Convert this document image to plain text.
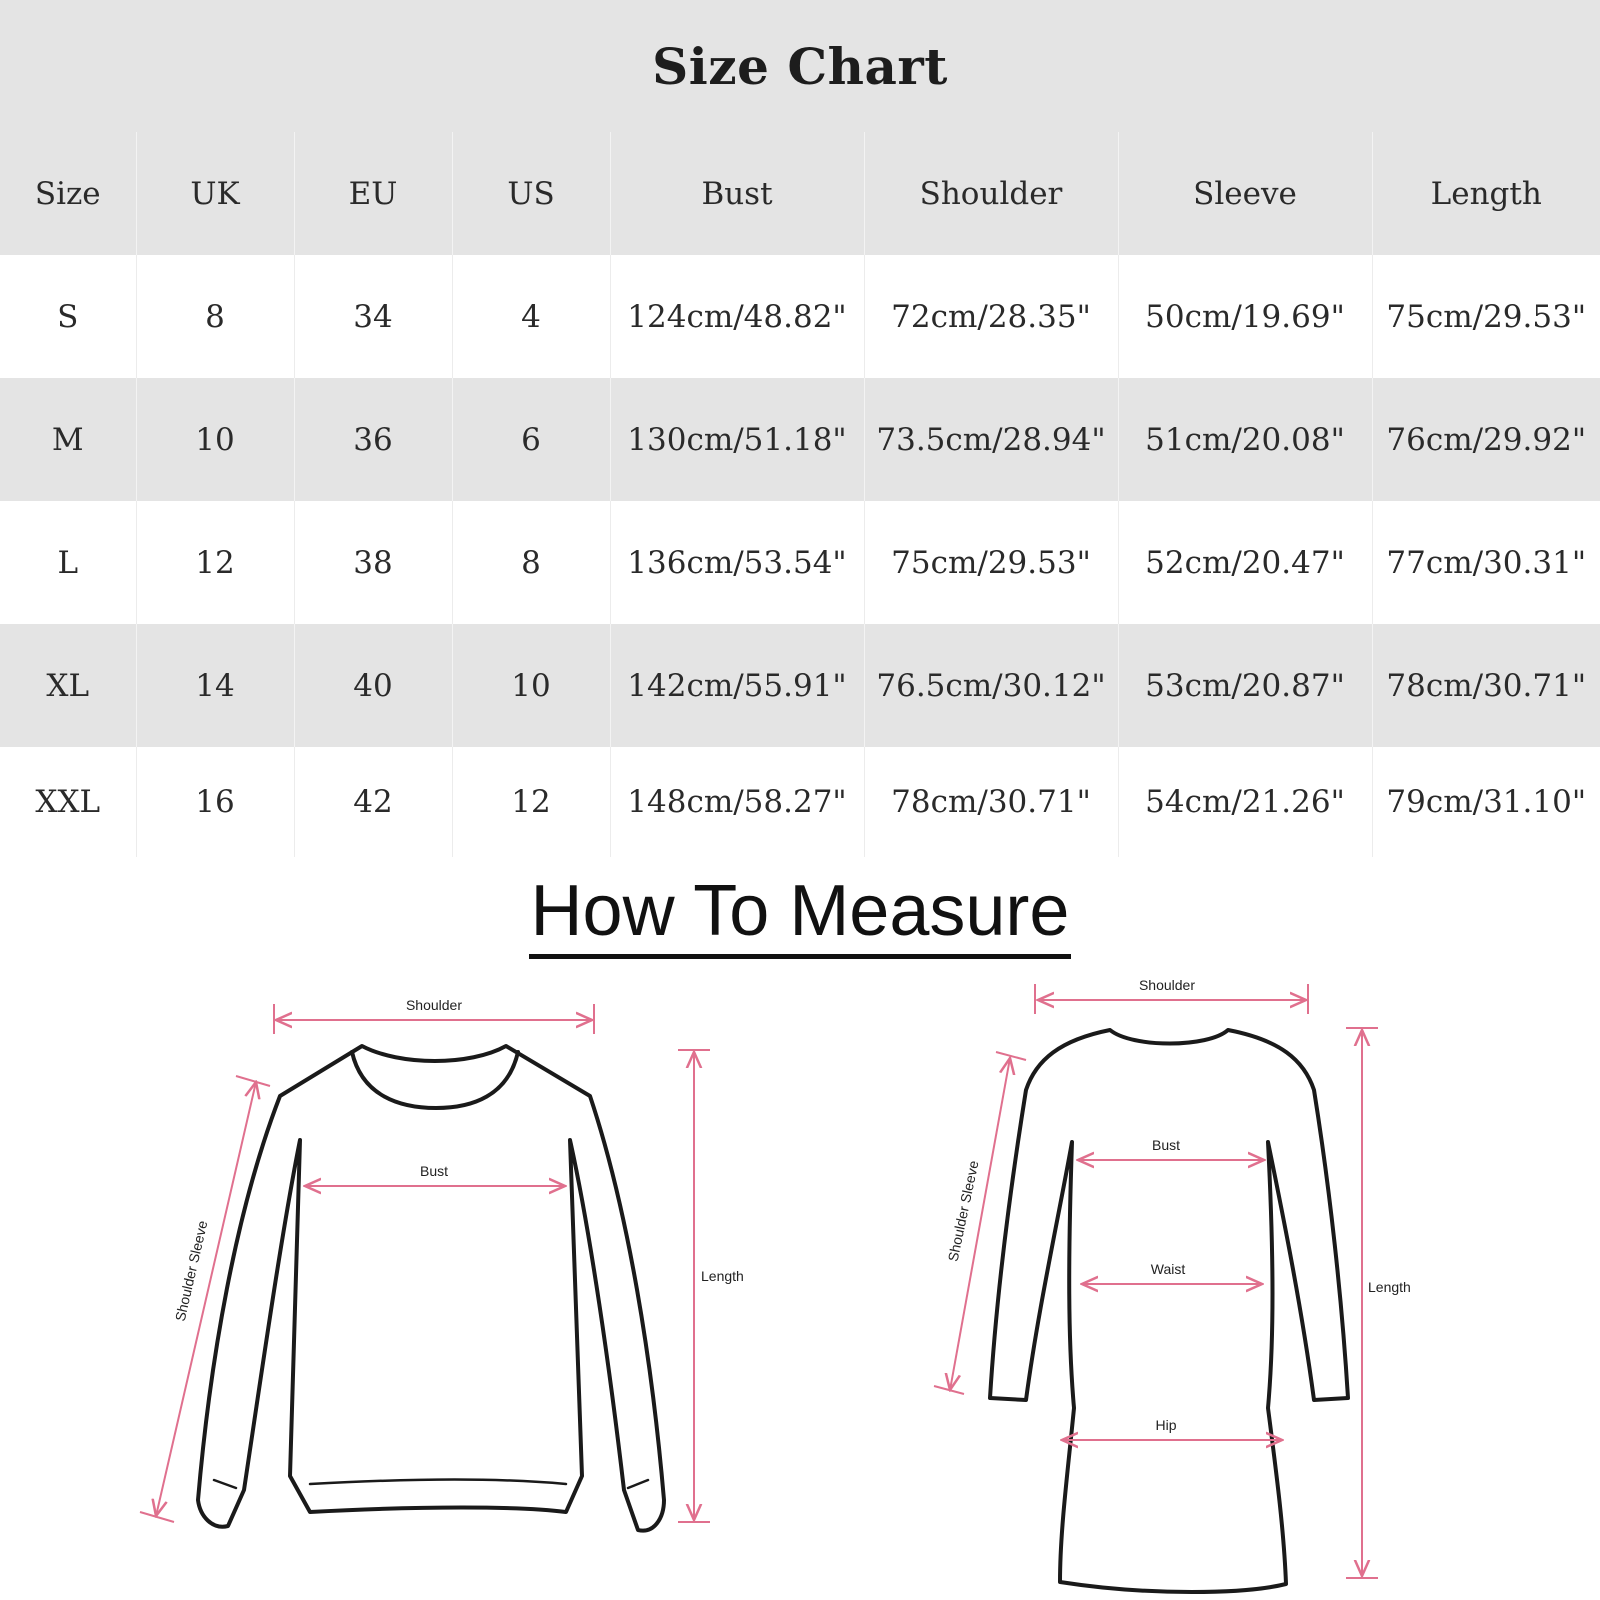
Size Chart
Size	UK	EU	US	Bust	Shoulder	Sleeve	Length
S	8	34	4	124cm/48.82"	72cm/28.35"	50cm/19.69"	75cm/29.53"
M	10	36	6	130cm/51.18"	73.5cm/28.94"	51cm/20.08"	76cm/29.92"
L	12	38	8	136cm/53.54"	75cm/29.53"	52cm/20.47"	77cm/30.31"
XL	14	40	10	142cm/55.91"	76.5cm/30.12"	53cm/20.87"	78cm/30.71"
XXL	16	42	12	148cm/58.27"	78cm/30.71"	54cm/21.26"	79cm/31.10"
How To Measure
Shoulder
Bust
Shoulder Sleeve	Length
Shoulder
Bust
Waist
Hip
Shoulder Sleeve
Length
